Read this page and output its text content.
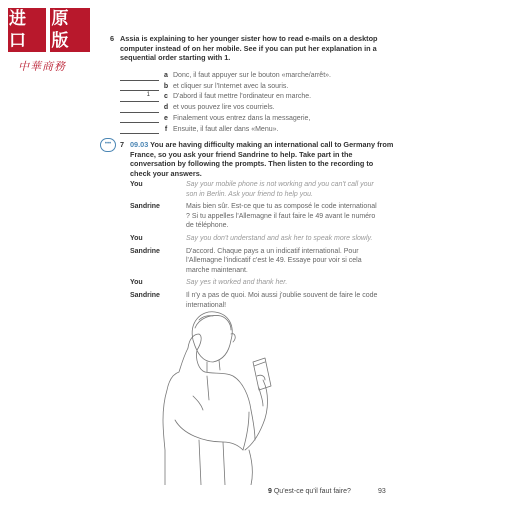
进
口
原
版
中華商務
6 Assia is explaining to her younger sister how to read e-mails on a desktop computer instead of on her mobile. See if you can put her explanation in a sequential order starting with 1.
a Donc, il faut appuyer sur le bouton «marche/arrêt».
b et cliquer sur l'Internet avec la souris.
1	c D'abord il faut mettre l'ordinateur en marche.
d et vous pouvez lire vos courriels.
e Finalement vous entrez dans la messagerie,
f Ensuite, il faut aller dans «Menu».
•••	7 09.03 You are having difficulty making an international call to Germany from France, so you ask your friend Sandrine to help. Take part in the conversation by following the prompts. Then listen to the recording to check your answers.
You	Say your mobile phone is not working and you can't call your son in Berlin. Ask your friend to help you.
Sandrine	Mais bien sûr. Est-ce que tu as composé le code international ? Si tu appelles l'Allemagne il faut faire le 49 avant le numéro de téléphone.
You	Say you don't understand and ask her to speak more slowly.
Sandrine	D'accord. Chaque pays a un indicatif international. Pour l'Allemagne l'indicatif c'est le 49. Essaye pour voir si cela marche maintenant.
You	Say yes it worked and thank her.
Sandrine	Il n'y a pas de quoi. Moi aussi j'oublie souvent de faire le code international!
9 Qu'est-ce qu'il faut faire?	93
